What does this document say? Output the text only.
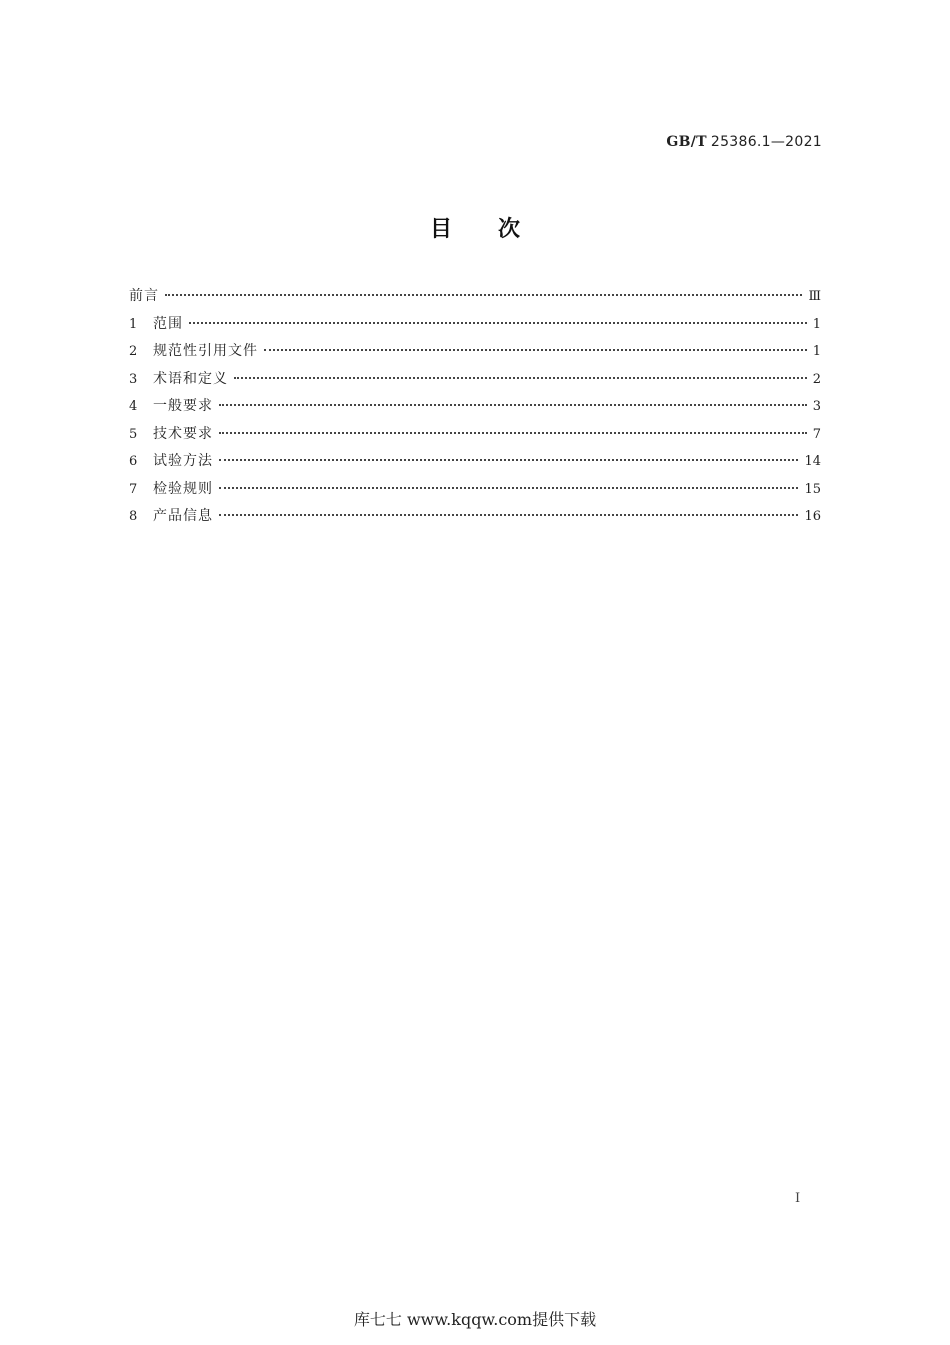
GB/T 25386.1—2021
目 次
前言	Ⅲ
1	范围	1
2	规范性引用文件	1
3	术语和定义	2
4	一般要求	3
5	技术要求	7
6	试验方法	14
7	检验规则	15
8	产品信息	16
I
库七七 www.kqqw.com提供下载
